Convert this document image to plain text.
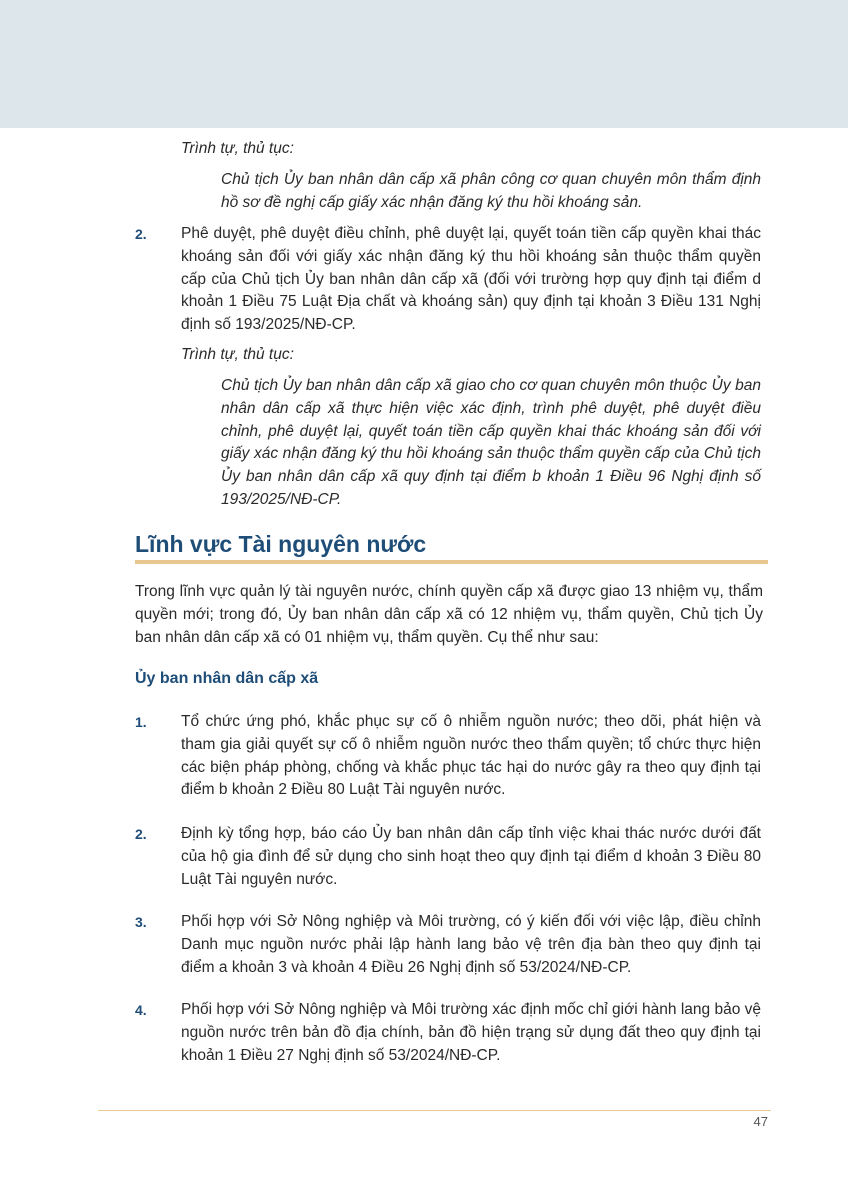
Trình tự, thủ tục:
Chủ tịch Ủy ban nhân dân cấp xã phân công cơ quan chuyên môn thẩm định hồ sơ đề nghị cấp giấy xác nhận đăng ký thu hồi khoáng sản.
2. Phê duyệt, phê duyệt điều chỉnh, phê duyệt lại, quyết toán tiền cấp quyền khai thác khoáng sản đối với giấy xác nhận đăng ký thu hồi khoáng sản thuộc thẩm quyền cấp của Chủ tịch Ủy ban nhân dân cấp xã (đối với trường hợp quy định tại điểm d khoản 1 Điều 75 Luật Địa chất và khoáng sản) quy định tại khoản 3 Điều 131 Nghị định số 193/2025/NĐ-CP.
Trình tự, thủ tục:
Chủ tịch Ủy ban nhân dân cấp xã giao cho cơ quan chuyên môn thuộc Ủy ban nhân dân cấp xã thực hiện việc xác định, trình phê duyệt, phê duyệt điều chỉnh, phê duyệt lại, quyết toán tiền cấp quyền khai thác khoáng sản đối với giấy xác nhận đăng ký thu hồi khoáng sản thuộc thẩm quyền cấp của Chủ tịch Ủy ban nhân dân cấp xã quy định tại điểm b khoản 1 Điều 96 Nghị định số 193/2025/NĐ-CP.
Lĩnh vực Tài nguyên nước
Trong lĩnh vực quản lý tài nguyên nước, chính quyền cấp xã được giao 13 nhiệm vụ, thẩm quyền mới; trong đó, Ủy ban nhân dân cấp xã có 12 nhiệm vụ, thẩm quyền, Chủ tịch Ủy ban nhân dân cấp xã có 01 nhiệm vụ, thẩm quyền. Cụ thể như sau:
Ủy ban nhân dân cấp xã
1. Tổ chức ứng phó, khắc phục sự cố ô nhiễm nguồn nước; theo dõi, phát hiện và tham gia giải quyết sự cố ô nhiễm nguồn nước theo thẩm quyền; tổ chức thực hiện các biện pháp phòng, chống và khắc phục tác hại do nước gây ra theo quy định tại điểm b khoản 2 Điều 80 Luật Tài nguyên nước.
2. Định kỳ tổng hợp, báo cáo Ủy ban nhân dân cấp tỉnh việc khai thác nước dưới đất của hộ gia đình để sử dụng cho sinh hoạt theo quy định tại điểm d khoản 3 Điều 80 Luật Tài nguyên nước.
3. Phối hợp với Sở Nông nghiệp và Môi trường, có ý kiến đối với việc lập, điều chỉnh Danh mục nguồn nước phải lập hành lang bảo vệ trên địa bàn theo quy định tại điểm a khoản 3 và khoản 4 Điều 26 Nghị định số 53/2024/NĐ-CP.
4. Phối hợp với Sở Nông nghiệp và Môi trường xác định mốc chỉ giới hành lang bảo vệ nguồn nước trên bản đồ địa chính, bản đồ hiện trạng sử dụng đất theo quy định tại khoản 1 Điều 27 Nghị định số 53/2024/NĐ-CP.
47
